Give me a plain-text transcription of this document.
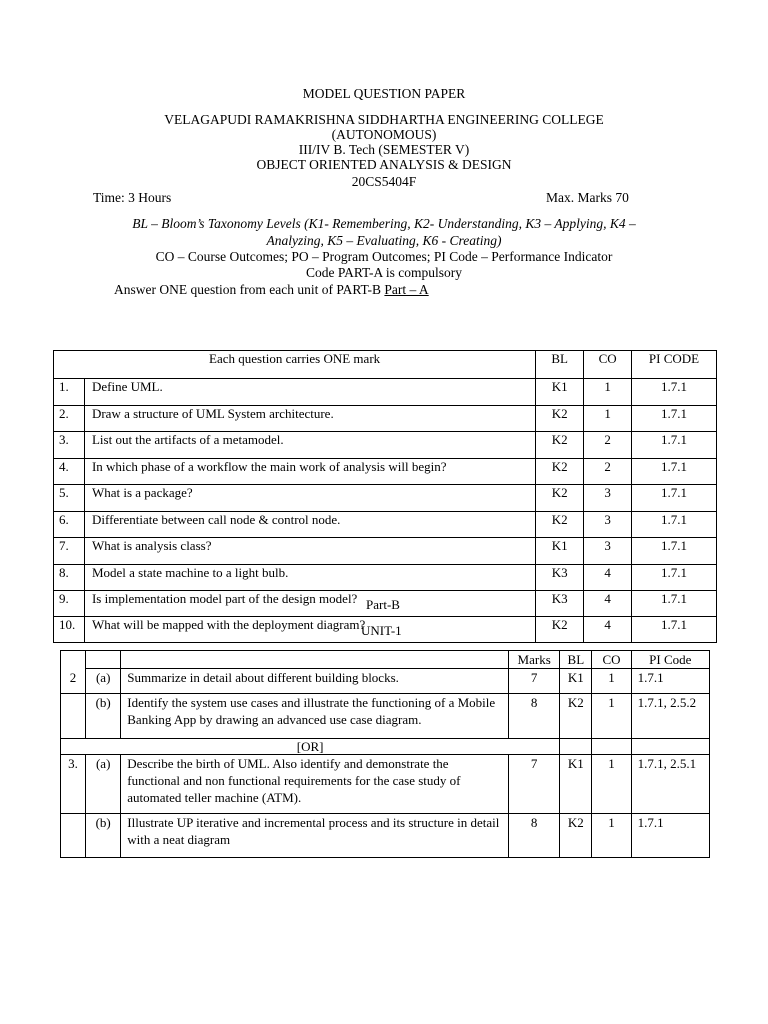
MODEL QUESTION PAPER
VELAGAPUDI RAMAKRISHNA SIDDHARTHA ENGINEERING COLLEGE
(AUTONOMOUS)
III/IV B. Tech (SEMESTER V)
OBJECT ORIENTED ANALYSIS & DESIGN
20CS5404F
Time: 3 Hours	Max. Marks 70
BL – Bloom’s Taxonomy Levels (K1- Remembering, K2- Understanding, K3 – Applying, K4 –
Analyzing, K5 – Evaluating, K6 - Creating)
CO – Course Outcomes; PO – Program Outcomes; PI Code – Performance Indicator
Code PART-A is compulsory
Answer ONE question from each unit of PART-B Part – A
Each question carries ONE mark		BL	CO	PI CODE
1.	Define UML.	K1	1	1.7.1
2.	Draw a structure of UML System architecture.	K2	1	1.7.1
3.	List out the artifacts of a metamodel.	K2	2	1.7.1
4.	In which phase of a workflow the main work of analysis will begin?	K2	2	1.7.1
5.	What is a package?	K2	3	1.7.1
6.	Differentiate between call node & control node.	K2	3	1.7.1
7.	What is analysis class?	K1	3	1.7.1
8.	Model a state machine to a light bulb.	K3	4	1.7.1
9.	Is implementation model part of the design model?	K3	4	1.7.1
10.	What will be mapped with the deployment diagram?	K2	4	1.7.1
Part-B
UNIT-1
			Marks	BL	CO	PI Code
2	(a)	Summarize in detail about different building blocks.	7	K1	1	1.7.1
	(b)	Identify the system use cases and illustrate the functioning of a Mobile Banking App by drawing an advanced use case diagram.	8	K2	1	1.7.1, 2.5.2
[OR]						
3.	(a)	Describe the birth of UML. Also identify and demonstrate the functional and non functional requirements for the case study of automated teller machine (ATM).	7	K1	1	1.7.1, 2.5.1
	(b)	Illustrate UP iterative and incremental process and its structure in detail with a neat diagram	8	K2	1	1.7.1
